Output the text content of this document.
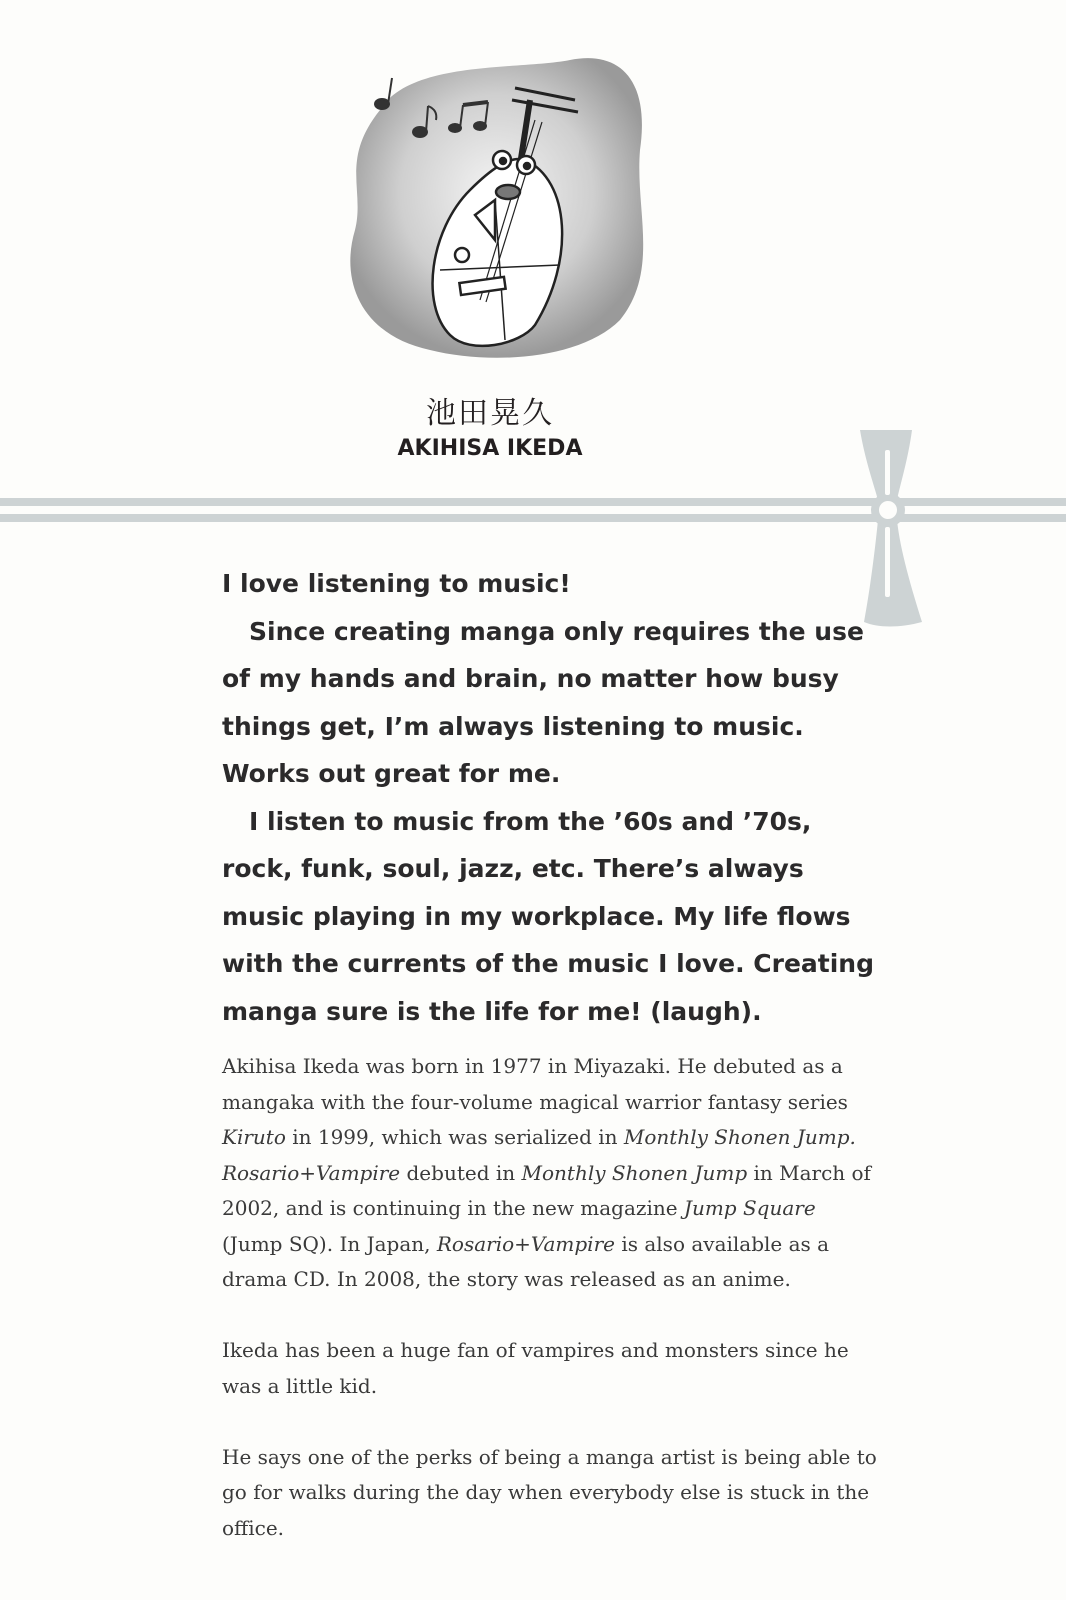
池田晃久
AKIHISA IKEDA

I love listening to music!

Since creating manga only requires the use of my hands and brain, no matter how busy things get, I’m always listening to music. Works out great for me.

I listen to music from the ’60s and ’70s, rock, funk, soul, jazz, etc. There’s always music playing in my workplace. My life flows with the currents of the music I love. Creating manga sure is the life for me! (laugh).

Akihisa Ikeda was born in 1977 in Miyazaki. He debuted as a mangaka with the four-volume magical warrior fantasy series Kiruto in 1999, which was serialized in Monthly Shonen Jump. Rosario+Vampire debuted in Monthly Shonen Jump in March of 2002, and is continuing in the new magazine Jump Square (Jump SQ). In Japan, Rosario+Vampire is also available as a drama CD. In 2008, the story was released as an anime.

Ikeda has been a huge fan of vampires and monsters since he was a little kid.

He says one of the perks of being a manga artist is being able to go for walks during the day when everybody else is stuck in the office.
